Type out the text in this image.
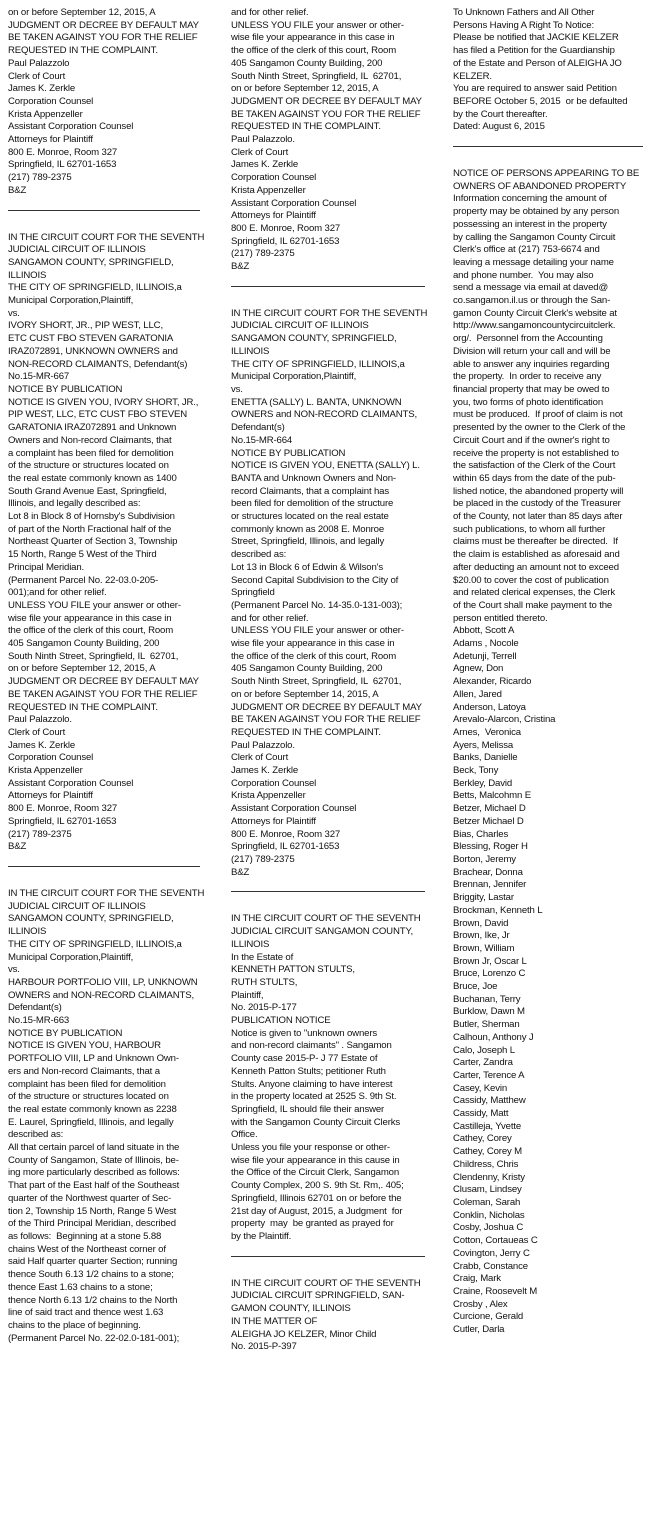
on or before September 12, 2015, A
JUDGMENT OR DECREE BY DEFAULT MAY
BE TAKEN AGAINST YOU FOR THE RELIEF
REQUESTED IN THE COMPLAINT.
Paul Palazzolo
Clerk of Court
James K. Zerkle
Corporation Counsel
Krista Appenzeller
Assistant Corporation Counsel
Attorneys for Plaintiff
800 E. Monroe, Room 327
Springfield, IL 62701-1653
(217) 789-2375
B&Z
IN THE CIRCUIT COURT FOR THE SEVENTH
JUDICIAL CIRCUIT OF ILLINOIS
SANGAMON COUNTY, SPRINGFIELD,
ILLINOIS
THE CITY OF SPRINGFIELD, ILLINOIS,a
Municipal Corporation,Plaintiff,
vs.
IVORY SHORT, JR., PIP WEST, LLC,
ETC CUST FBO STEVEN GARATONIA
IRAZ072891, UNKNOWN OWNERS and
NON-RECORD CLAIMANTS, Defendant(s)
No.15-MR-667
NOTICE BY PUBLICATION
NOTICE IS GIVEN YOU, IVORY SHORT, JR.,
PIP WEST, LLC, ETC CUST FBO STEVEN
GARATONIA IRAZ072891 and Unknown
Owners and Non-record Claimants, that
a complaint has been filed for demolition
of the structure or structures located on
the real estate commonly known as 1400
South Grand Avenue East, Springfield,
Illinois, and legally described as:
Lot 8 in Block 8 of Hornsby's Subdivision
of part of the North Fractional half of the
Northeast Quarter of Section 3, Township
15 North, Range 5 West of the Third
Principal Meridian.
(Permanent Parcel No. 22-03.0-205-
001);and for other relief.
UNLESS YOU FILE your answer or other-
wise file your appearance in this case in
the office of the clerk of this court, Room
405 Sangamon County Building, 200
South Ninth Street, Springfield, IL  62701,
on or before September 12, 2015, A
JUDGMENT OR DECREE BY DEFAULT MAY
BE TAKEN AGAINST YOU FOR THE RELIEF
REQUESTED IN THE COMPLAINT.
Paul Palazzolo.
Clerk of Court
James K. Zerkle
Corporation Counsel
Krista Appenzeller
Assistant Corporation Counsel
Attorneys for Plaintiff
800 E. Monroe, Room 327
Springfield, IL 62701-1653
(217) 789-2375
B&Z
IN THE CIRCUIT COURT FOR THE SEVENTH
JUDICIAL CIRCUIT OF ILLINOIS
SANGAMON COUNTY, SPRINGFIELD,
ILLINOIS
THE CITY OF SPRINGFIELD, ILLINOIS,a
Municipal Corporation,Plaintiff,
vs.
HARBOUR PORTFOLIO VIII, LP, UNKNOWN
OWNERS and NON-RECORD CLAIMANTS,
Defendant(s)
No.15-MR-663
NOTICE BY PUBLICATION
NOTICE IS GIVEN YOU, HARBOUR
PORTFOLIO VIII, LP and Unknown Own-
ers and Non-record Claimants, that a
complaint has been filed for demolition
of the structure or structures located on
the real estate commonly known as 2238
E. Laurel, Springfield, Illinois, and legally
described as:
All that certain parcel of land situate in the
County of Sangamon, State of Illinois, be-
ing more particularly described as follows:
That part of the East half of the Southeast
quarter of the Northwest quarter of Sec-
tion 2, Township 15 North, Range 5 West
of the Third Principal Meridian, described
as follows:  Beginning at a stone 5.88
chains West of the Northeast corner of
said Half quarter quarter Section; running
thence South 6.13 1/2 chains to a stone;
thence East 1.63 chains to a stone;
thence North 6.13 1/2 chains to the North
line of said tract and thence west 1.63
chains to the place of beginning.
(Permanent Parcel No. 22-02.0-181-001);
and for other relief.
UNLESS YOU FILE your answer or other-
wise file your appearance in this case in
the office of the clerk of this court, Room
405 Sangamon County Building, 200
South Ninth Street, Springfield, IL  62701,
on or before September 12, 2015, A
JUDGMENT OR DECREE BY DEFAULT MAY
BE TAKEN AGAINST YOU FOR THE RELIEF
REQUESTED IN THE COMPLAINT.
Paul Palazzolo.
Clerk of Court
James K. Zerkle
Corporation Counsel
Krista Appenzeller
Assistant Corporation Counsel
Attorneys for Plaintiff
800 E. Monroe, Room 327
Springfield, IL 62701-1653
(217) 789-2375
B&Z
IN THE CIRCUIT COURT FOR THE SEVENTH
JUDICIAL CIRCUIT OF ILLINOIS
SANGAMON COUNTY, SPRINGFIELD,
ILLINOIS
THE CITY OF SPRINGFIELD, ILLINOIS,a
Municipal Corporation,Plaintiff,
vs.
ENETTA (SALLY) L. BANTA, UNKNOWN
OWNERS and NON-RECORD CLAIMANTS,
Defendant(s)
No.15-MR-664
NOTICE BY PUBLICATION
NOTICE IS GIVEN YOU, ENETTA (SALLY) L.
BANTA and Unknown Owners and Non-
record Claimants, that a complaint has
been filed for demolition of the structure
or structures located on the real estate
commonly known as 2008 E. Monroe
Street, Springfield, Illinois, and legally
described as:
Lot 13 in Block 6 of Edwin & Wilson's
Second Capital Subdivision to the City of
Springfield
(Permanent Parcel No. 14-35.0-131-003);
and for other relief.
UNLESS YOU FILE your answer or other-
wise file your appearance in this case in
the office of the clerk of this court, Room
405 Sangamon County Building, 200
South Ninth Street, Springfield, IL  62701,
on or before September 14, 2015, A
JUDGMENT OR DECREE BY DEFAULT MAY
BE TAKEN AGAINST YOU FOR THE RELIEF
REQUESTED IN THE COMPLAINT.
Paul Palazzolo.
Clerk of Court
James K. Zerkle
Corporation Counsel
Krista Appenzeller
Assistant Corporation Counsel
Attorneys for Plaintiff
800 E. Monroe, Room 327
Springfield, IL 62701-1653
(217) 789-2375
B&Z
IN THE CIRCUIT COURT OF THE SEVENTH
JUDICIAL CIRCUIT SANGAMON COUNTY,
ILLINOIS
In the Estate of
KENNETH PATTON STULTS,
RUTH STULTS,
Plaintiff,
No. 2015-P-177
PUBLICATION NOTICE
Notice is given to "unknown owners
and non-record claimants" . Sangamon
County case 2015-P- J 77 Estate of
Kenneth Patton Stults; petitioner Ruth
Stults. Anyone claiming to have interest
in the property located at 2525 S. 9th St.
Springfield, IL should file their answer
with the Sangamon County Circuit Clerks
Office.
Unless you file your response or other-
wise file your appearance in this cause in
the Office of the Circuit Clerk, Sangamon
County Complex, 200 S. 9th St. Rm,. 405;
Springfield, Illinois 62701 on or before the
21st day of August, 2015, a Judgment  for
property  may  be granted as prayed for
by the Plaintiff.
IN THE CIRCUIT COURT OF THE SEVENTH
JUDICIAL CIRCUIT SPRINGFIELD, SAN-
GAMON COUNTY, ILLINOIS
IN THE MATTER OF
ALEIGHA JO KELZER, Minor Child
No. 2015-P-397
To Unknown Fathers and All Other
Persons Having A Right To Notice:
Please be notified that JACKIE KELZER
has filed a Petition for the Guardianship
of the Estate and Person of ALEIGHA JO
KELZER.
You are required to answer said Petition
BEFORE October 5, 2015  or be defaulted
by the Court thereafter.
Dated: August 6, 2015
NOTICE OF PERSONS APPEARING TO BE
OWNERS OF ABANDONED PROPERTY
Information concerning the amount of
property may be obtained by any person
possessing an interest in the property
by calling the Sangamon County Circuit
Clerk's office at (217) 753-6674 and
leaving a message detailing your name
and phone number.  You may also
send a message via email at daved@
co.sangamon.il.us or through the San-
gamon County Circuit Clerk's website at
http://www.sangamoncountycircuitclerk.
org/.  Personnel from the Accounting
Division will return your call and will be
able to answer any inquiries regarding
the property.  In order to receive any
financial property that may be owed to
you, two forms of photo identification
must be produced.  If proof of claim is not
presented by the owner to the Clerk of the
Circuit Court and if the owner's right to
receive the property is not established to
the satisfaction of the Clerk of the Court
within 65 days from the date of the pub-
lished notice, the abandoned property will
be placed in the custody of the Treasurer
of the County, not later than 85 days after
such publications, to whom all further
claims must be thereafter be directed.  If
the claim is established as aforesaid and
after deducting an amount not to exceed
$20.00 to cover the cost of publication
and related clerical expenses, the Clerk
of the Court shall make payment to the
person entitled thereto.
Abbott, Scott A
Adams , Nocole
Adetunji, Terrell
Agnew, Don
Alexander, Ricardo
Allen, Jared
Anderson, Latoya
Arevalo-Alarcon, Cristina
Arnes,  Veronica
Ayers, Melissa
Banks, Danielle
Beck, Tony
Berkley, David
Betts, Malcohmn E
Betzer, Michael D
Betzer Michael D
Bias, Charles
Blessing, Roger H
Borton, Jeremy
Brachear, Donna
Brennan, Jennifer
Briggity, Lastar
Brockman, Kenneth L
Brown, David
Brown, Ike, Jr
Brown, William
Brown Jr, Oscar L
Bruce, Lorenzo C
Bruce, Joe
Buchanan, Terry
Burklow, Dawn M
Butler, Sherman
Calhoun, Anthony J
Calo, Joseph L
Carter, Zandra
Carter, Terence A
Casey, Kevin
Cassidy, Matthew
Cassidy, Matt
Castilleja, Yvette
Cathey, Corey
Cathey, Corey M
Childress, Chris
Clendenny, Kristy
Clusam, Lindsey
Coleman, Sarah
Conklin, Nicholas
Cosby, Joshua C
Cotton, Cortaueas C
Covington, Jerry C
Crabb, Constance
Craig, Mark
Craine, Roosevelt M
Crosby , Alex
Curcione, Gerald
Cutler, Darla
